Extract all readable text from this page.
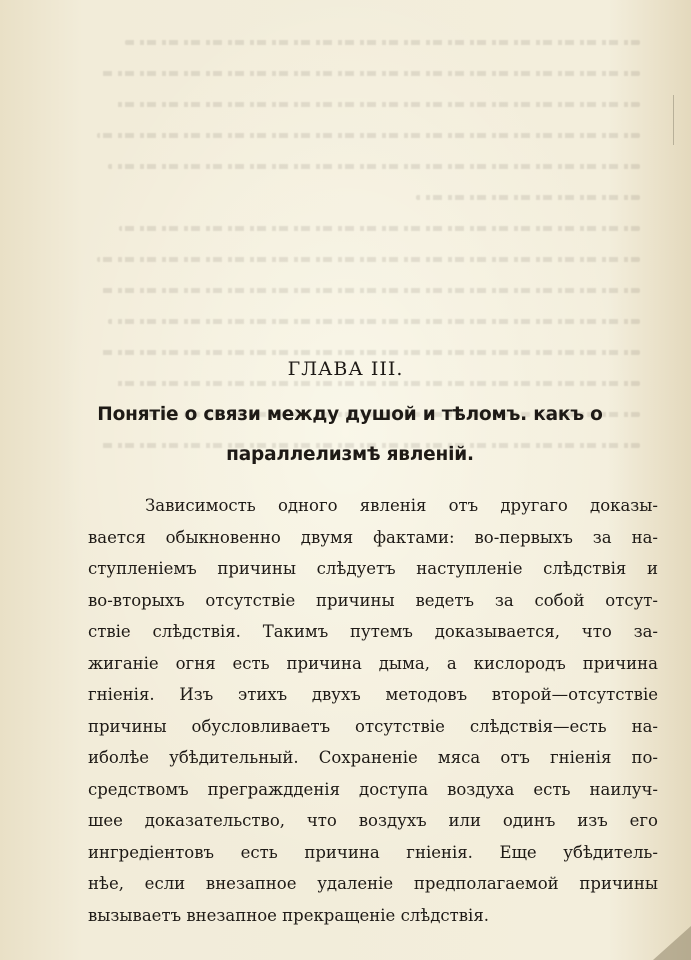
ГЛАВА III.
Понятіе о связи между душой и тѣломъ. какъ о
параллелизмѣ явленій.
Зависимость одного явленія отъ другаго доказы-
вается обыкновенно двумя фактами: во-первыхъ за на-
ступленіемъ причины слѣдуетъ наступленіе слѣдствія и
во-вторыхъ отсутствіе причины ведетъ за собой отсут-
ствіе слѣдствія. Такимъ путемъ доказывается, что за-
жиганіе огня есть причина дыма, а кислородъ причина
гніенія. Изъ этихъ двухъ методовъ второй—отсутствіе
причины обусловливаетъ отсутствіе слѣдствія—есть на-
иболѣе убѣдительный. Сохраненіе мяса отъ гніенія по-
средствомъ преграждденія доступа воздуха есть наилуч-
шее доказательство, что воздухъ или одинъ изъ его
ингредіентовъ есть причина гніенія. Еще убѣдитель-
нѣе, если внезапное удаленіе предполагаемой причины
вызываетъ внезапное прекращеніе слѣдствія.
